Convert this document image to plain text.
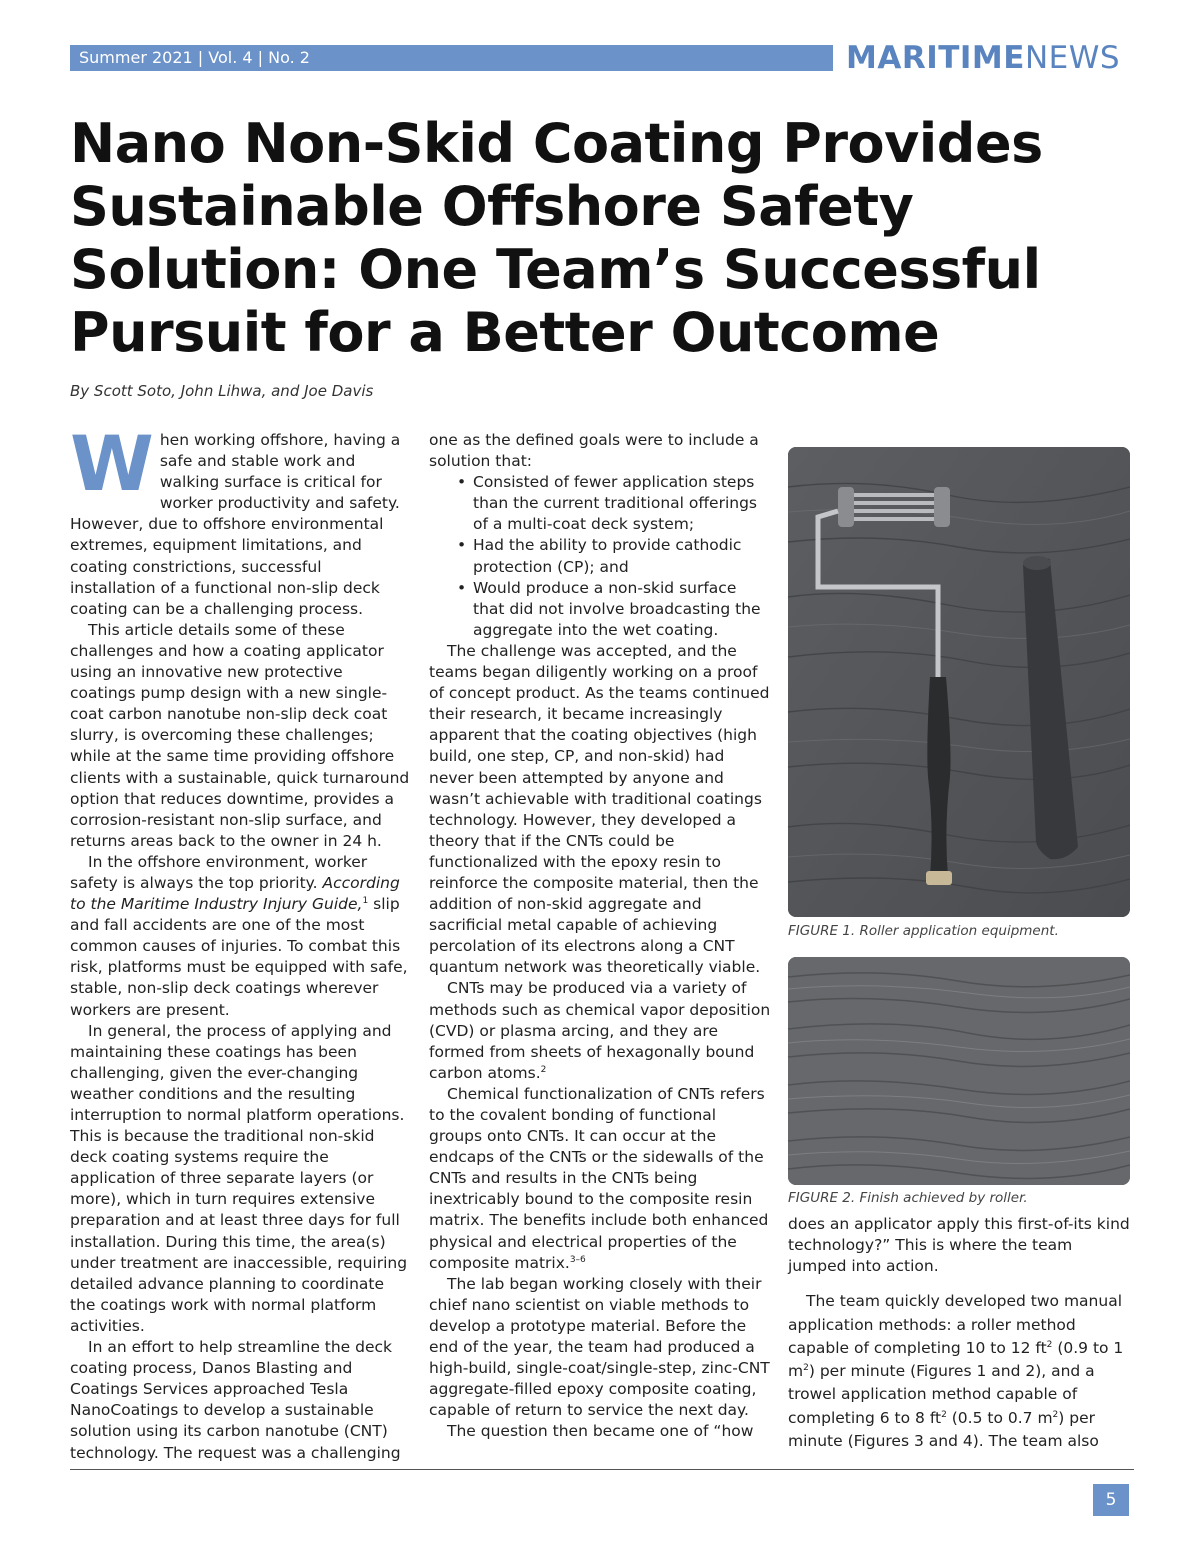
Summer 2021 | Vol. 4 | No. 2	MARITIMENEWS
Nano Non-Skid Coating Provides Sustainable Offshore Safety Solution: One Team’s Successful Pursuit for a Better Outcome
By Scott Soto, John Lihwa, and Joe Davis

When working offshore, having a safe and stable work and walking surface is critical for worker productivity and safety. However, due to offshore environmental extremes, equipment limitations, and coating constrictions, successful installation of a functional non-slip deck coating can be a challenging process.

This article details some of these challenges and how a coating applicator using an innovative new protective coatings pump design with a new single-coat carbon nanotube non-slip deck coat slurry, is overcoming these challenges; while at the same time providing offshore clients with a sustainable, quick turnaround option that reduces downtime, provides a corrosion-resistant non-slip surface, and returns areas back to the owner in 24 h.

In the offshore environment, worker safety is always the top priority. According to the Maritime Industry Injury Guide,$^1$ slip and fall accidents are one of the most common causes of injuries. To combat this risk, platforms must be equipped with safe, stable, non-slip deck coatings wherever workers are present.

In general, the process of applying and maintaining these coatings has been challenging, given the ever-changing weather conditions and the resulting interruption to normal platform operations. This is because the traditional non-skid deck coating systems require the application of three separate layers (or more), which in turn requires extensive preparation and at least three days for full installation. During this time, the area(s) under treatment are inaccessible, requiring detailed advance planning to coordinate the coatings work with normal platform activities.

In an effort to help streamline the deck coating process, Danos Blasting and Coatings Services approached Tesla NanoCoatings to develop a sustainable solution using its carbon nanotube (CNT) technology. The request was a challenging

one as the defined goals were to include a solution that:

• Consisted of fewer application steps than the current traditional offerings of a multi-coat deck system;
• Had the ability to provide cathodic protection (CP); and
• Would produce a non-skid surface that did not involve broadcasting the aggregate into the wet coating.

The challenge was accepted, and the teams began diligently working on a proof of concept product. As the teams continued their research, it became increasingly apparent that the coating objectives (high build, one step, CP, and non-skid) had never been attempted by anyone and wasn’t achievable with traditional coatings technology. However, they developed a theory that if the CNTs could be functionalized with the epoxy resin to reinforce the composite material, then the addition of non-skid aggregate and sacrificial metal capable of achieving percolation of its electrons along a CNT quantum network was theoretically viable.

CNTs may be produced via a variety of methods such as chemical vapor deposition (CVD) or plasma arcing, and they are formed from sheets of hexagonally bound carbon atoms.$^2$

Chemical functionalization of CNTs refers to the covalent bonding of functional groups onto CNTs. It can occur at the endcaps of the CNTs or the sidewalls of the CNTs and results in the CNTs being inextricably bound to the composite resin matrix. The benefits include both enhanced physical and electrical properties of the composite matrix.$^{3-6}$

The lab began working closely with their chief nano scientist on viable methods to develop a prototype material. Before the end of the year, the team had produced a high-build, single-coat/single-step, zinc-CNT aggregate-filled epoxy composite coating, capable of return to service the next day.

The question then became one of “how

FIGURE 1. Roller application equipment.
FIGURE 2. Finish achieved by roller.

does an applicator apply this first-of-its kind technology?” This is where the team jumped into action.

The team quickly developed two manual application methods: a roller method capable of completing 10 to 12 $ft^2$ (0.9 to 1 $m^2$) per minute (Figures 1 and 2), and a trowel application method capable of completing 6 to 8 $ft^2$ (0.5 to 0.7 $m^2$) per minute (Figures 3 and 4). The team also

5
